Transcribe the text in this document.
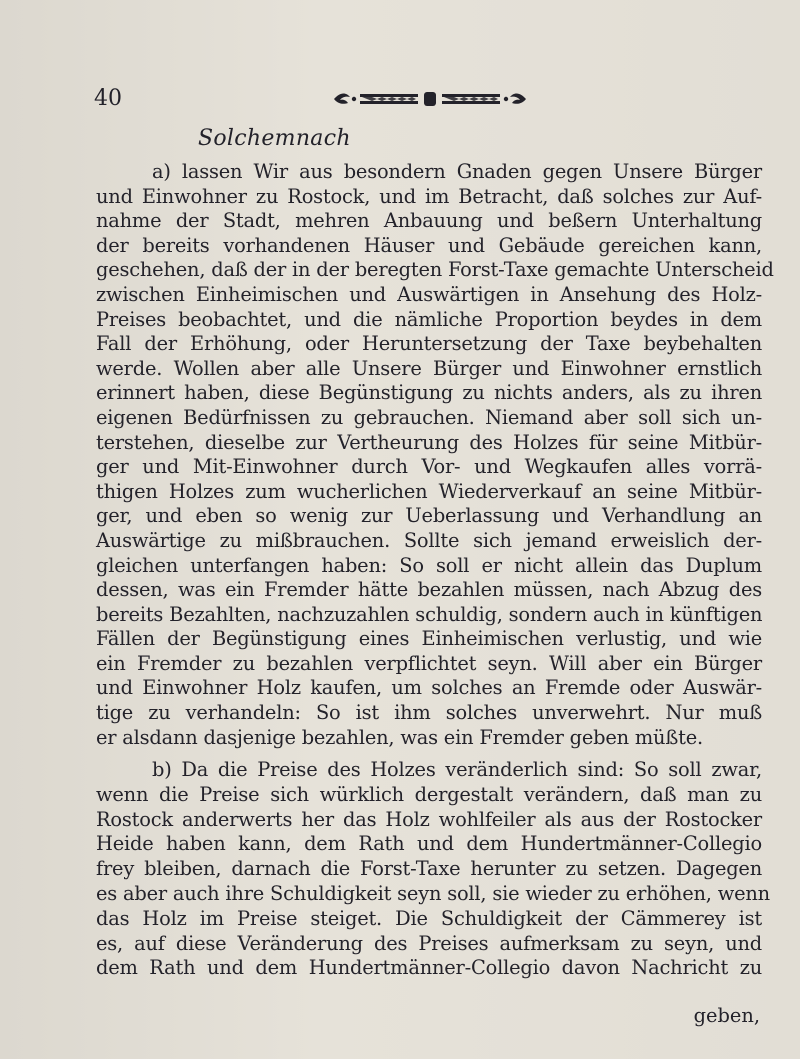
40
Solchemnach
a) lassen Wir aus besondern Gnaden gegen Unsere Bürger
und Einwohner zu Rostock, und im Betracht, daß solches zur Auf-
nahme der Stadt, mehren Anbauung und beßern Unterhaltung
der bereits vorhandenen Häuser und Gebäude gereichen kann,
geschehen, daß der in der beregten Forst-Taxe gemachte Unterscheid
zwischen Einheimischen und Auswärtigen in Ansehung des Holz-
Preises beobachtet, und die nämliche Proportion beydes in dem
Fall der Erhöhung, oder Heruntersetzung der Taxe beybehalten
werde. Wollen aber alle Unsere Bürger und Einwohner ernstlich
erinnert haben, diese Begünstigung zu nichts anders, als zu ihren
eigenen Bedürfnissen zu gebrauchen. Niemand aber soll sich un-
terstehen, dieselbe zur Vertheurung des Holzes für seine Mitbür-
ger und Mit-Einwohner durch Vor- und Wegkaufen alles vorrä-
thigen Holzes zum wucherlichen Wiederverkauf an seine Mitbür-
ger, und eben so wenig zur Ueberlassung und Verhandlung an
Auswärtige zu mißbrauchen. Sollte sich jemand erweislich der-
gleichen unterfangen haben: So soll er nicht allein das Duplum
dessen, was ein Fremder hätte bezahlen müssen, nach Abzug des
bereits Bezahlten, nachzuzahlen schuldig, sondern auch in künftigen
Fällen der Begünstigung eines Einheimischen verlustig, und wie
ein Fremder zu bezahlen verpflichtet seyn. Will aber ein Bürger
und Einwohner Holz kaufen, um solches an Fremde oder Auswär-
tige zu verhandeln: So ist ihm solches unverwehrt. Nur muß
er alsdann dasjenige bezahlen, was ein Fremder geben müßte.
b) Da die Preise des Holzes veränderlich sind: So soll zwar,
wenn die Preise sich würklich dergestalt verändern, daß man zu
Rostock anderwerts her das Holz wohlfeiler als aus der Rostocker
Heide haben kann, dem Rath und dem Hundertmänner-Collegio
frey bleiben, darnach die Forst-Taxe herunter zu setzen. Dagegen
es aber auch ihre Schuldigkeit seyn soll, sie wieder zu erhöhen, wenn
das Holz im Preise steiget. Die Schuldigkeit der Cämmerey ist
es, auf diese Veränderung des Preises aufmerksam zu seyn, und
dem Rath und dem Hundertmänner-Collegio davon Nachricht zu
geben,
